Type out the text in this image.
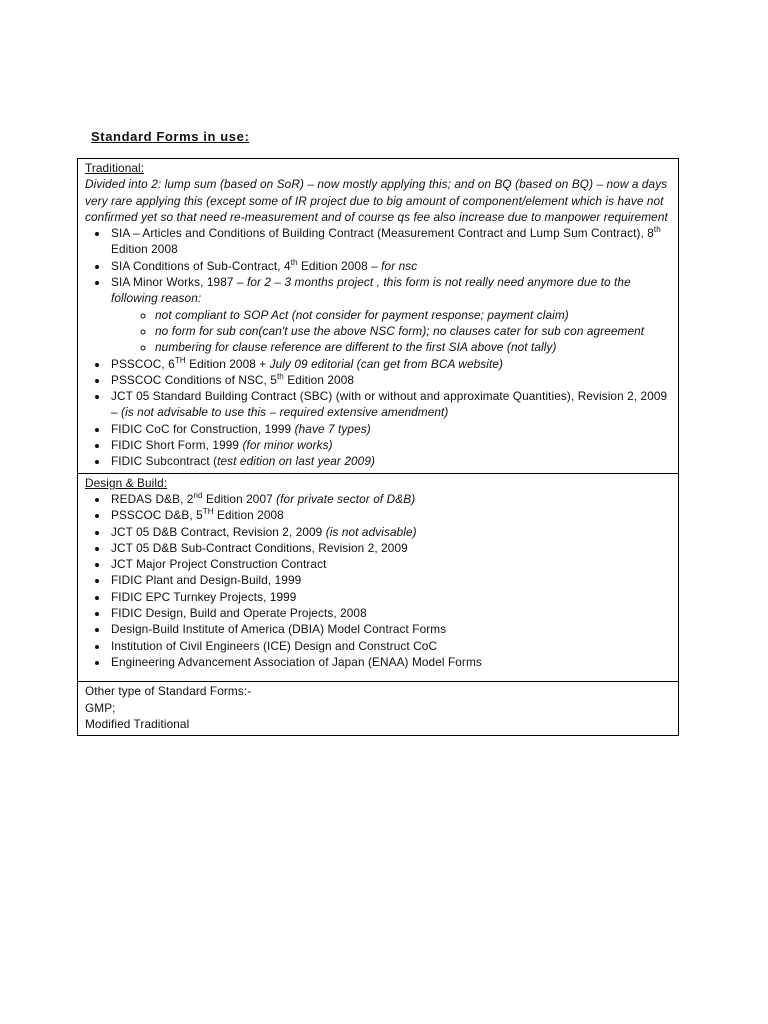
Standard Forms in use:
Traditional:
Divided into 2: lump sum (based on SoR) – now mostly applying this; and on BQ (based on BQ) – now a days very rare applying this (except some of IR project due to big amount of component/element which is have not confirmed yet so that need re-measurement and of course qs fee also increase due to manpower requirement
• SIA – Articles and Conditions of Building Contract (Measurement Contract and Lump Sum Contract), 8th Edition 2008
• SIA Conditions of Sub-Contract, 4th Edition 2008 – for nsc
• SIA Minor Works, 1987 – for 2 – 3 months project , this form is not really need anymore due to the following reason:
◦ not compliant to SOP Act (not consider for payment response; payment claim)
◦ no form for sub con(can't use the above NSC form); no clauses cater for sub con agreement
◦ numbering for clause reference are different to the first SIA above (not tally)
• PSSCOC, 6TH Edition 2008 + July 09 editorial (can get from BCA website)
• PSSCOC Conditions of NSC, 5th Edition 2008
• JCT 05 Standard Building Contract (SBC) (with or without and approximate Quantities), Revision 2, 2009 – (is not advisable to use this – required extensive amendment)
• FIDIC CoC for Construction, 1999 (have 7 types)
• FIDIC Short Form, 1999 (for minor works)
• FIDIC Subcontract (test edition on last year 2009)

Design & Build:
• REDAS D&B, 2nd Edition 2007 (for private sector of D&B)
• PSSCOC D&B, 5TH Edition 2008
• JCT 05 D&B Contract, Revision 2, 2009 (is not advisable)
• JCT 05 D&B Sub-Contract Conditions, Revision 2, 2009
• JCT Major Project Construction Contract
• FIDIC Plant and Design-Build, 1999
• FIDIC EPC Turnkey Projects, 1999
• FIDIC Design, Build and Operate Projects, 2008
• Design-Build Institute of America (DBIA) Model Contract Forms
• Institution of Civil Engineers (ICE) Design and Construct CoC
• Engineering Advancement Association of Japan (ENAA) Model Forms

Other type of Standard Forms:-
GMP;
Modified Traditional
